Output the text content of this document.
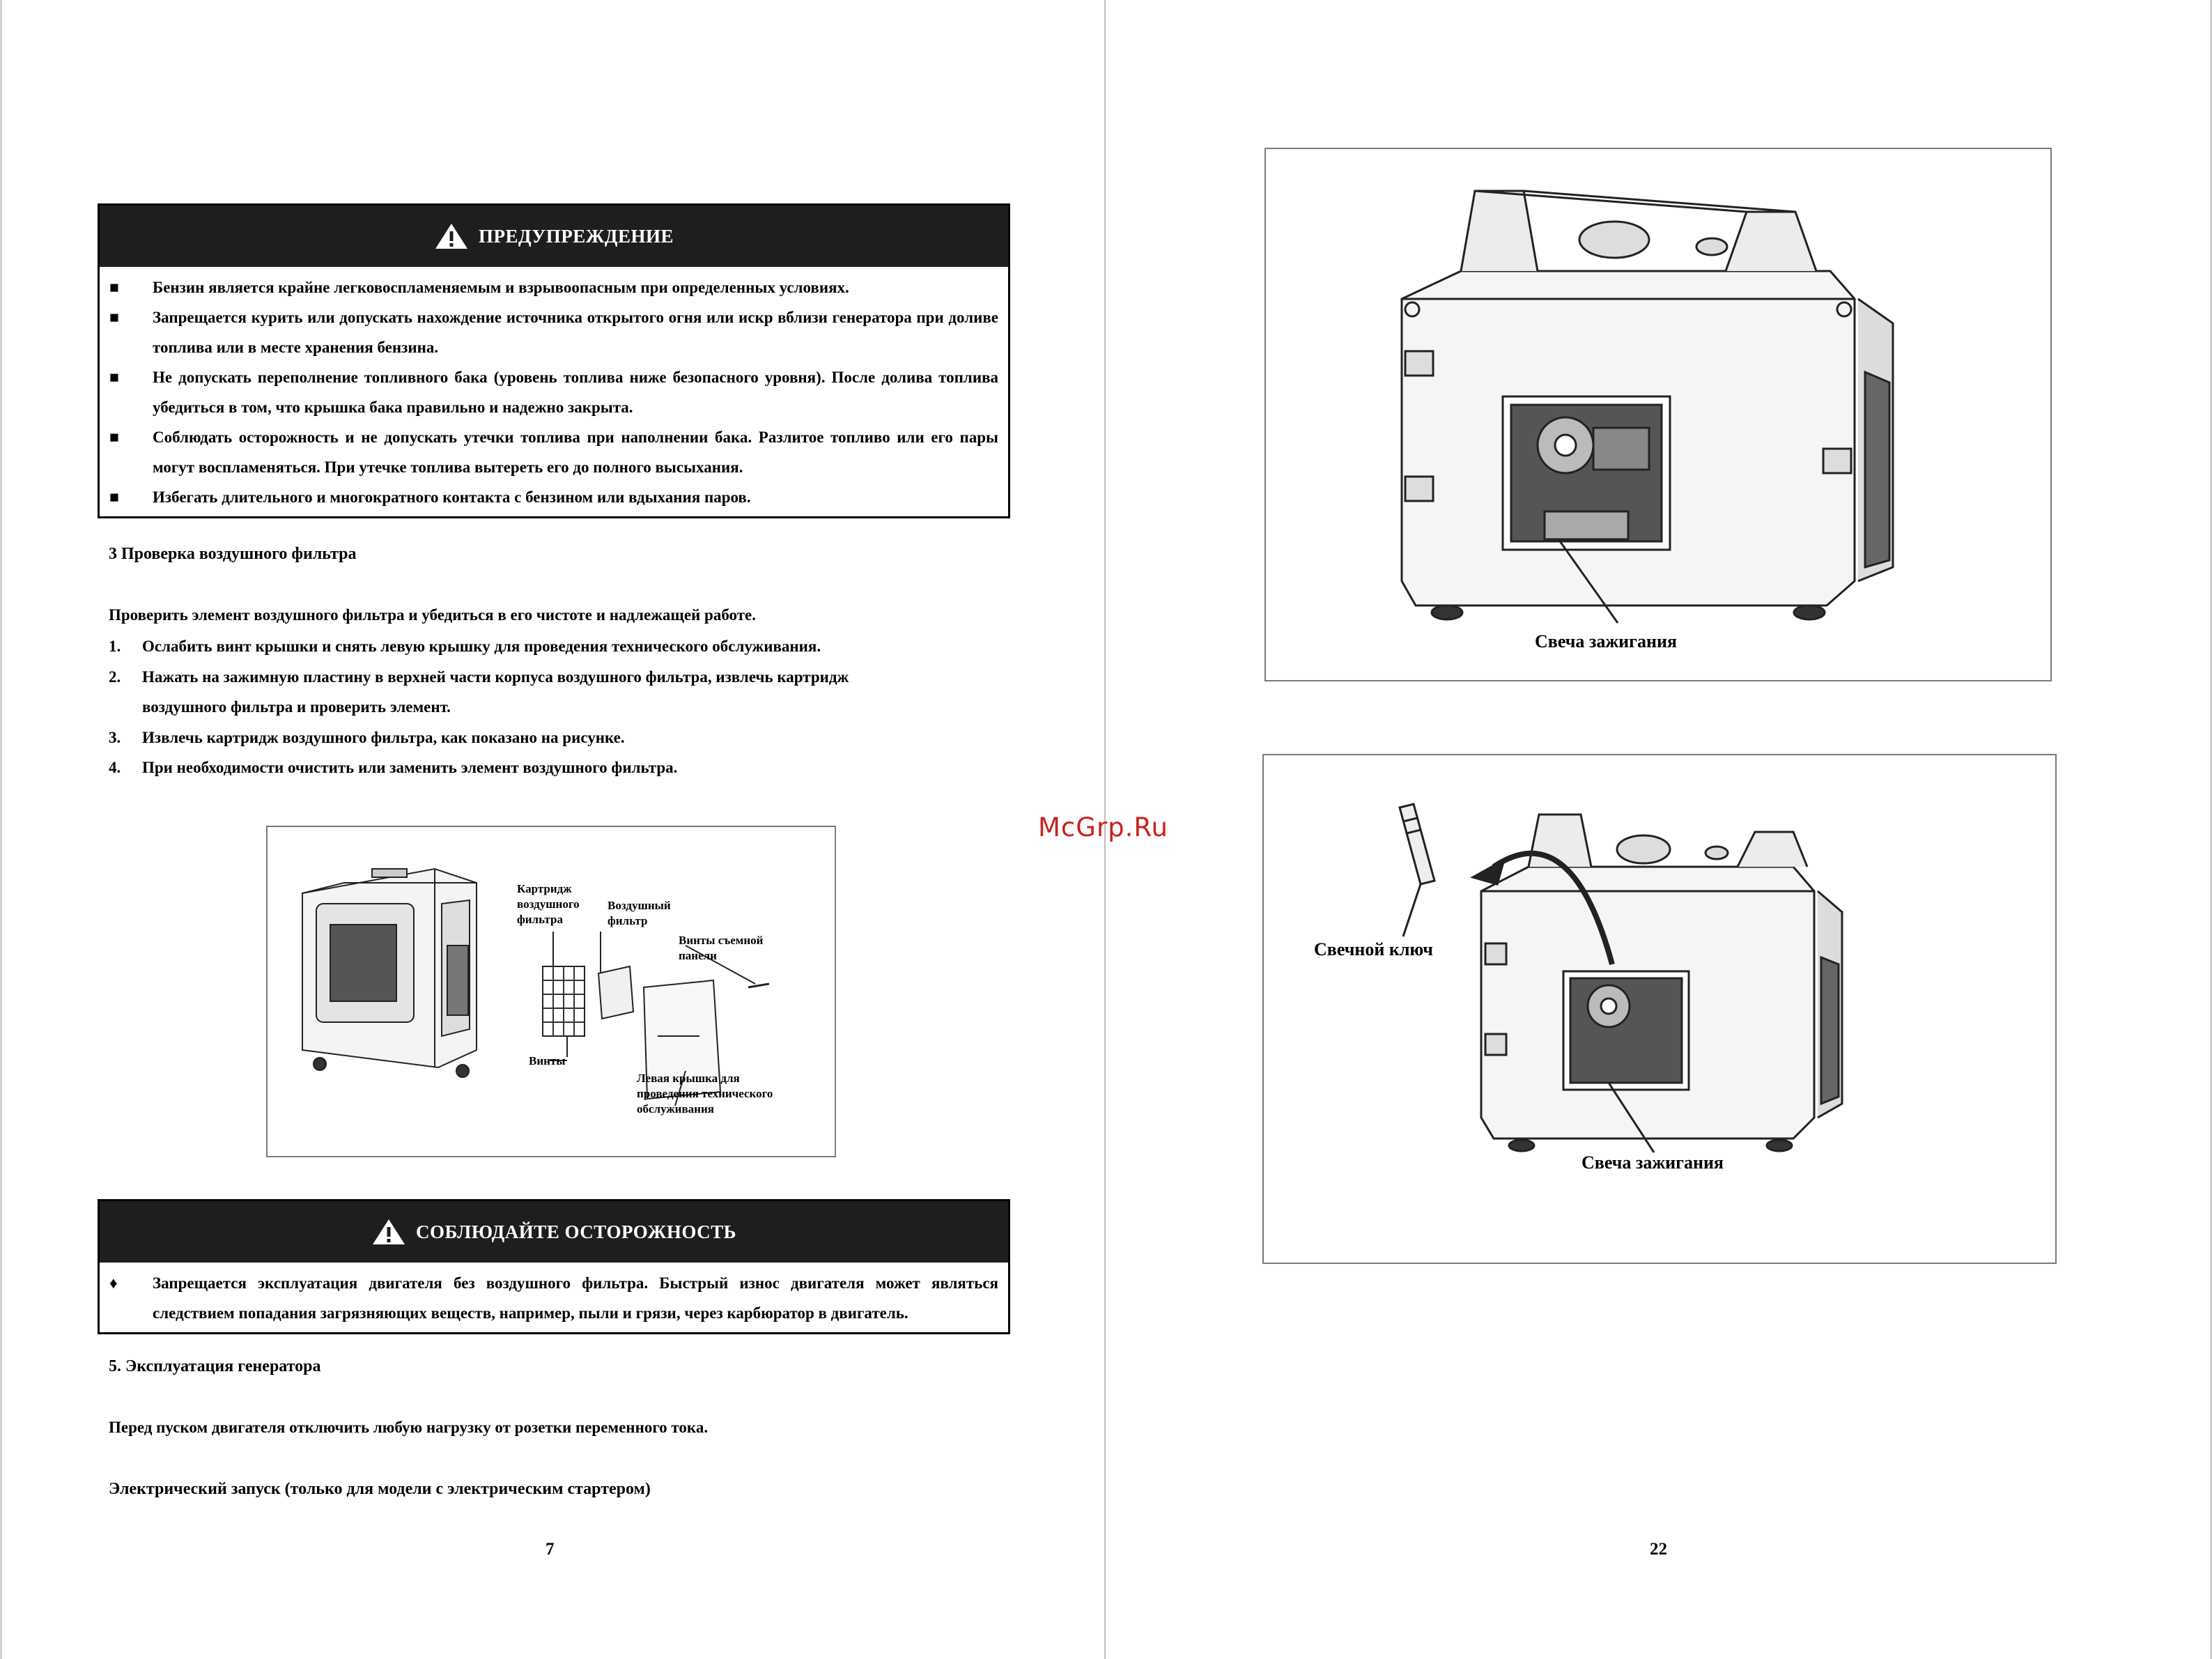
ПРЕДУПРЕЖДЕНИЕ
■	Бензин является крайне легковоспламеняемым и взрывоопасным при определенных условиях.
■	Запрещается курить или допускать нахождение источника открытого огня или искр вблизи генератора при доливе топлива или в месте хранения бензина.
■	Не допускать переполнение топливного бака (уровень топлива ниже безопасного уровня). После долива топлива убедиться в том, что крышка бака правильно и надежно закрыта.
■	Соблюдать осторожность и не допускать утечки топлива при наполнении бака. Разлитое топливо или его пары могут воспламеняться. При утечке топлива вытереть его до полного высыхания.
■	Избегать длительного и многократного контакта с бензином или вдыхания паров.
3 Проверка воздушного фильтра
Проверить элемент воздушного фильтра и убедиться в его чистоте и надлежащей работе.
1.	Ослабить винт крышки и снять левую крышку для проведения технического обслуживания.
2.	Нажать на зажимную пластину в верхней части корпуса воздушного фильтра, извлечь картридж воздушного фильтра и проверить элемент.
3.	Извлечь картридж воздушного фильтра, как показано на рисунке.
4.	При необходимости очистить или заменить элемент воздушного фильтра.
Картридж
воздушного
фильтра
Воздушный
фильтр
Винты съемной
панели
Винты
Левая крышка для
проведения технического
обслуживания
СОБЛЮДАЙТЕ ОСТОРОЖНОСТЬ
♦	Запрещается эксплуатация двигателя без воздушного фильтра. Быстрый износ двигателя может являться следствием попадания загрязняющих веществ, например, пыли и грязи, через карбюратор в двигатель.
5. Эксплуатация генератора
Перед пуском двигателя отключить любую нагрузку от розетки переменного тока.
Электрический запуск (только для модели с электрическим стартером)
7
Свеча зажигания
Свечной ключ
Свеча зажигания
22
McGrp.Ru
